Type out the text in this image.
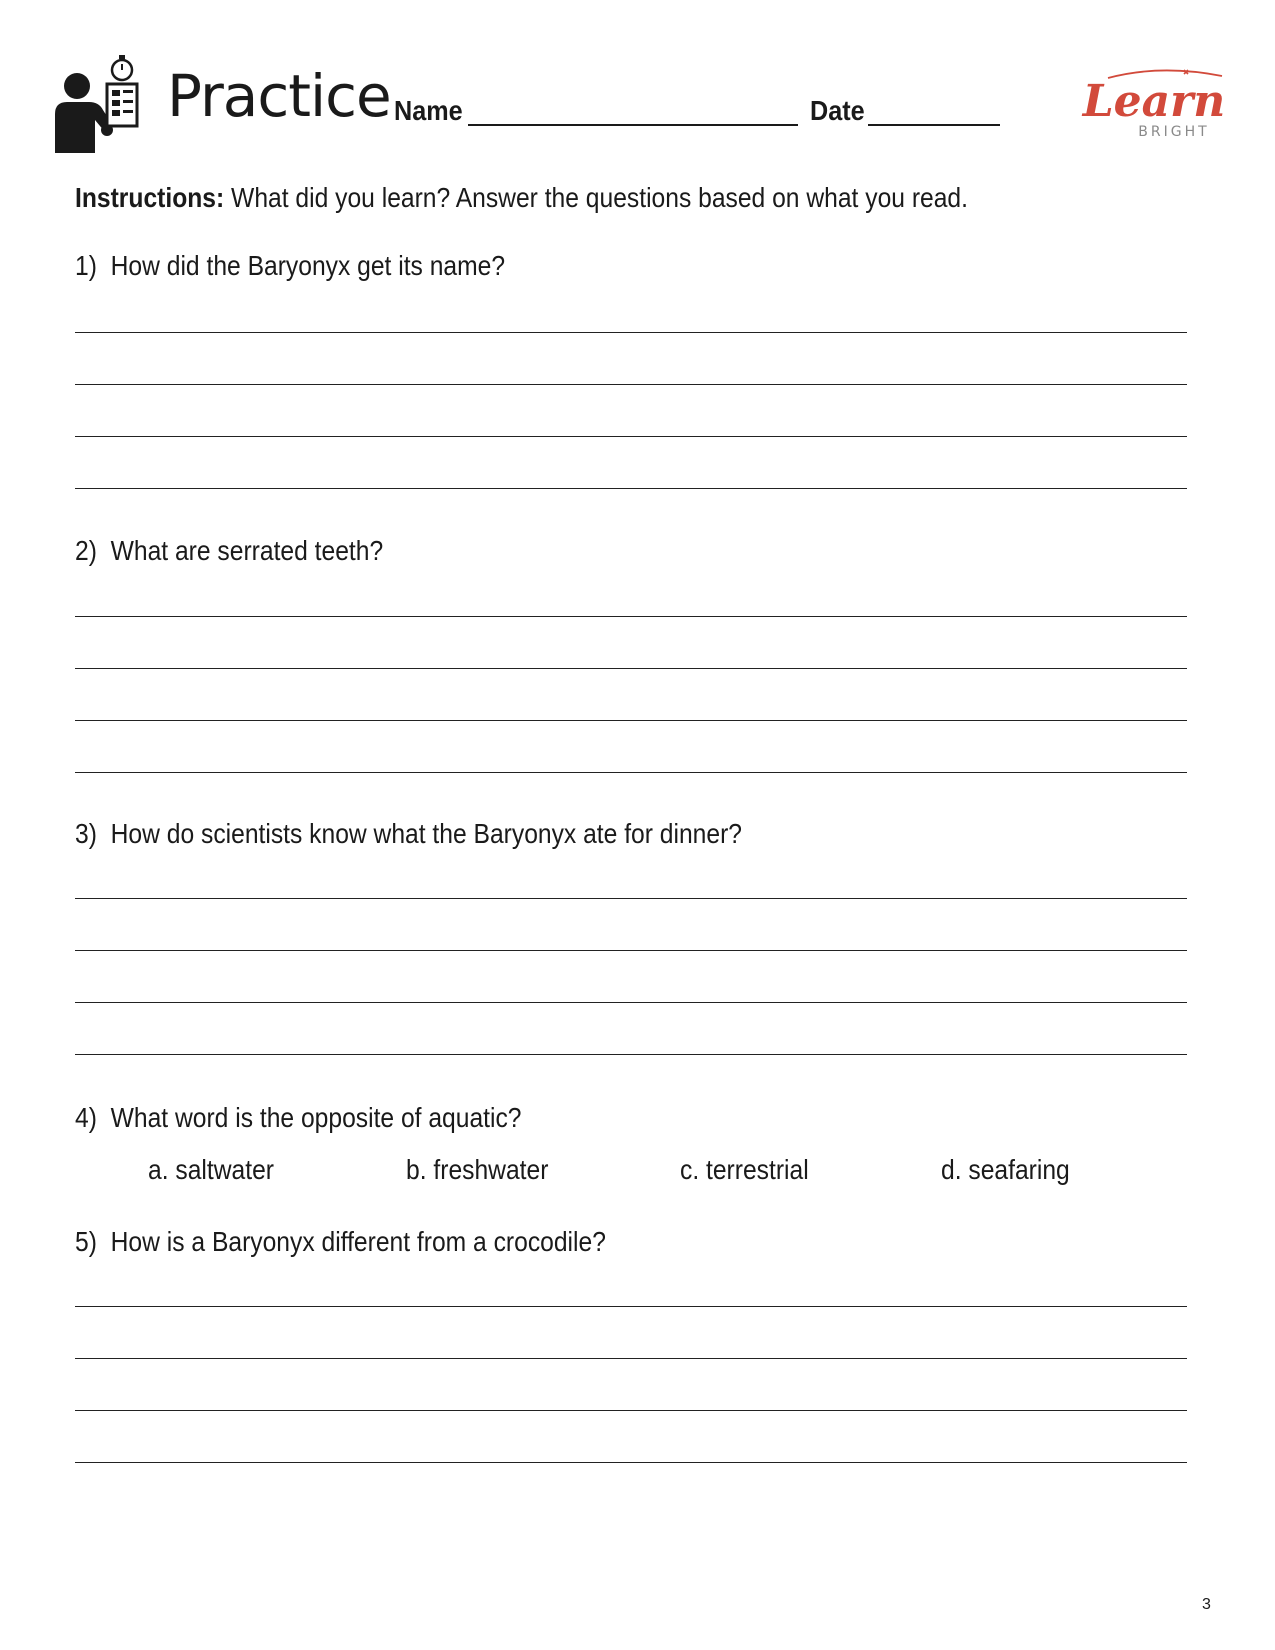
Practice Name	Date	Learn
BRIGHT
Instructions: What did you learn? Answer the questions based on what you read.
1) How did the Baryonyx get its name?
2) What are serrated teeth?
3) How do scientists know what the Baryonyx ate for dinner?
4) What word is the opposite of aquatic?
a. saltwater	b. freshwater	c. terrestrial	d. seafaring
5) How is a Baryonyx different from a crocodile?
3
